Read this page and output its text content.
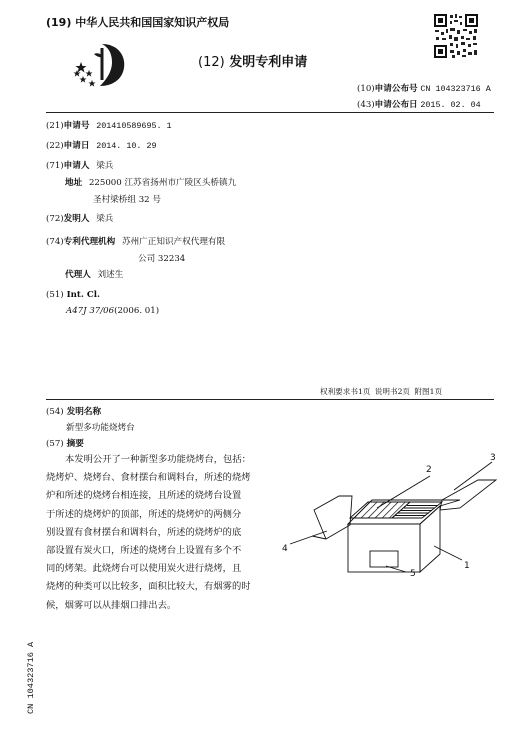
(19) 中华人民共和国国家知识产权局
(12) 发明专利申请
(10)申请公布号 CN 104323716 A
(43)申请公布日 2015. 02. 04
(21)申请号 201410589695. 1
(22)申请日 2014. 10. 29
(71)申请人 梁兵
地址 225000 江苏省扬州市广陵区头桥镇九
圣村梁桥组 32 号
(72)发明人 梁兵
(74)专利代理机构 苏州广正知识产权代理有限
公司 32234
代理人 刘述生
(51) Int. Cl.
A47J 37/06(2006. 01)
权利要求书1页 说明书2页 附图1页
(54) 发明名称
新型多功能烧烤台
(57) 摘要
本发明公开了一种新型多功能烧烤台，包括：
烧烤炉、烧烤台、食材摆台和调料台，所述的烧烤
炉和所述的烧烤台相连接，且所述的烧烤台设置
于所述的烧烤炉的顶部，所述的烧烤炉的两侧分
别设置有食材摆台和调料台，所述的烧烤炉的底
部设置有炭火口，所述的烧烤台上设置有多个不
同的烤架。此烧烤台可以使用炭火进行烧烤，且
烧烤的种类可以比较多，面积比较大，有烟雾的时
候，烟雾可以从排烟口排出去。
2
3
4
1
5
CN 104323716 A
